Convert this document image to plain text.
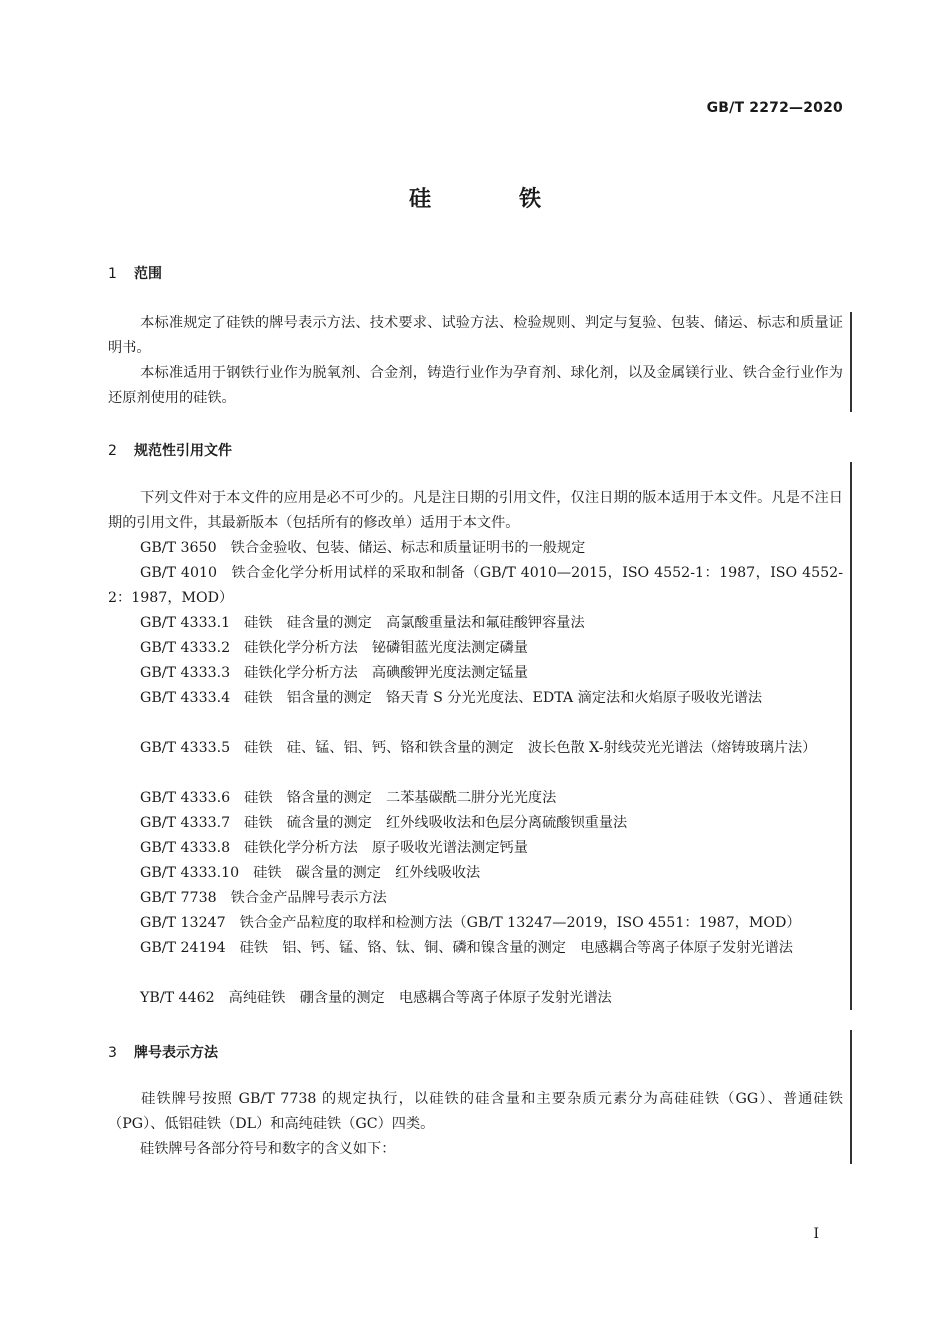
GB/T 2272—2020
硅铁
1 范围
本标准规定了硅铁的牌号表示方法、技术要求、试验方法、检验规则、判定与复验、包装、储运、标志和质量证明书。
本标准适用于钢铁行业作为脱氧剂、合金剂，铸造行业作为孕育剂、球化剂，以及金属镁行业、铁合金行业作为还原剂使用的硅铁。
2 规范性引用文件
下列文件对于本文件的应用是必不可少的。凡是注日期的引用文件，仅注日期的版本适用于本文件。凡是不注日期的引用文件，其最新版本（包括所有的修改单）适用于本文件。
GB/T 3650 铁合金验收、包装、储运、标志和质量证明书的一般规定
GB/T 4010 铁合金化学分析用试样的采取和制备（GB/T 4010—2015，ISO 4552-1：1987，ISO 4552-2：1987，MOD）
GB/T 4333.1 硅铁　硅含量的测定　高氯酸重量法和氟硅酸钾容量法
GB/T 4333.2 硅铁化学分析方法　铋磷钼蓝光度法测定磷量
GB/T 4333.3 硅铁化学分析方法　高碘酸钾光度法测定锰量
GB/T 4333.4 硅铁　铝含量的测定　铬天青 S 分光光度法、EDTA 滴定法和火焰原子吸收光谱法
GB/T 4333.5 硅铁　硅、锰、铝、钙、铬和铁含量的测定　波长色散 X-射线荧光光谱法（熔铸玻璃片法）
GB/T 4333.6 硅铁　铬含量的测定　二苯基碳酰二肼分光光度法
GB/T 4333.7 硅铁　硫含量的测定　红外线吸收法和色层分离硫酸钡重量法
GB/T 4333.8 硅铁化学分析方法　原子吸收光谱法测定钙量
GB/T 4333.10 硅铁　碳含量的测定　红外线吸收法
GB/T 7738 铁合金产品牌号表示方法
GB/T 13247 铁合金产品粒度的取样和检测方法（GB/T 13247—2019，ISO 4551：1987，MOD）
GB/T 24194 硅铁　铝、钙、锰、铬、钛、铜、磷和镍含量的测定　电感耦合等离子体原子发射光谱法
YB/T 4462 高纯硅铁　硼含量的测定　电感耦合等离子体原子发射光谱法
3 牌号表示方法
硅铁牌号按照 GB/T 7738 的规定执行，以硅铁的硅含量和主要杂质元素分为高硅硅铁（GG）、普通硅铁（PG）、低铝硅铁（DL）和高纯硅铁（GC）四类。
硅铁牌号各部分符号和数字的含义如下：
I
